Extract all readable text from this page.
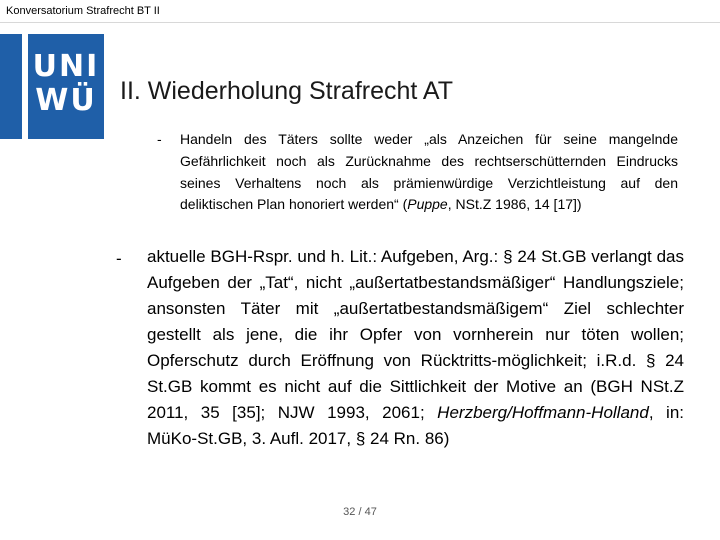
Konversatorium Strafrecht BT II
UNI
WÜ II. Wiederholung Strafrecht AT
- Handeln des Täters sollte weder „als Anzeichen für seine mangelnde Gefährlichkeit noch als Zurücknahme des rechtserschütternden Eindrucks seines Verhaltens noch als prämienwürdige Verzichtleistung auf den deliktischen Plan honoriert werden“ (Puppe, NSt.Z 1986, 14 [17])
- aktuelle BGH-Rspr. und h. Lit.: Aufgeben, Arg.: § 24 St.GB verlangt das Aufgeben der „Tat“, nicht „außertatbestandsmäßiger“ Handlungsziele; ansonsten Täter mit „außertatbestandsmäßigem“ Ziel schlechter gestellt als jene, die ihr Opfer von vornherein nur töten wollen; Opferschutz durch Eröffnung von Rücktritts-möglichkeit; i.R.d. § 24 St.GB kommt es nicht auf die Sittlichkeit der Motive an (BGH NSt.Z 2011, 35 [35]; NJW 1993, 2061; Herzberg/Hoffmann-Holland, in: MüKo-St.GB, 3. Aufl. 2017, § 24 Rn. 86)
32 / 47
